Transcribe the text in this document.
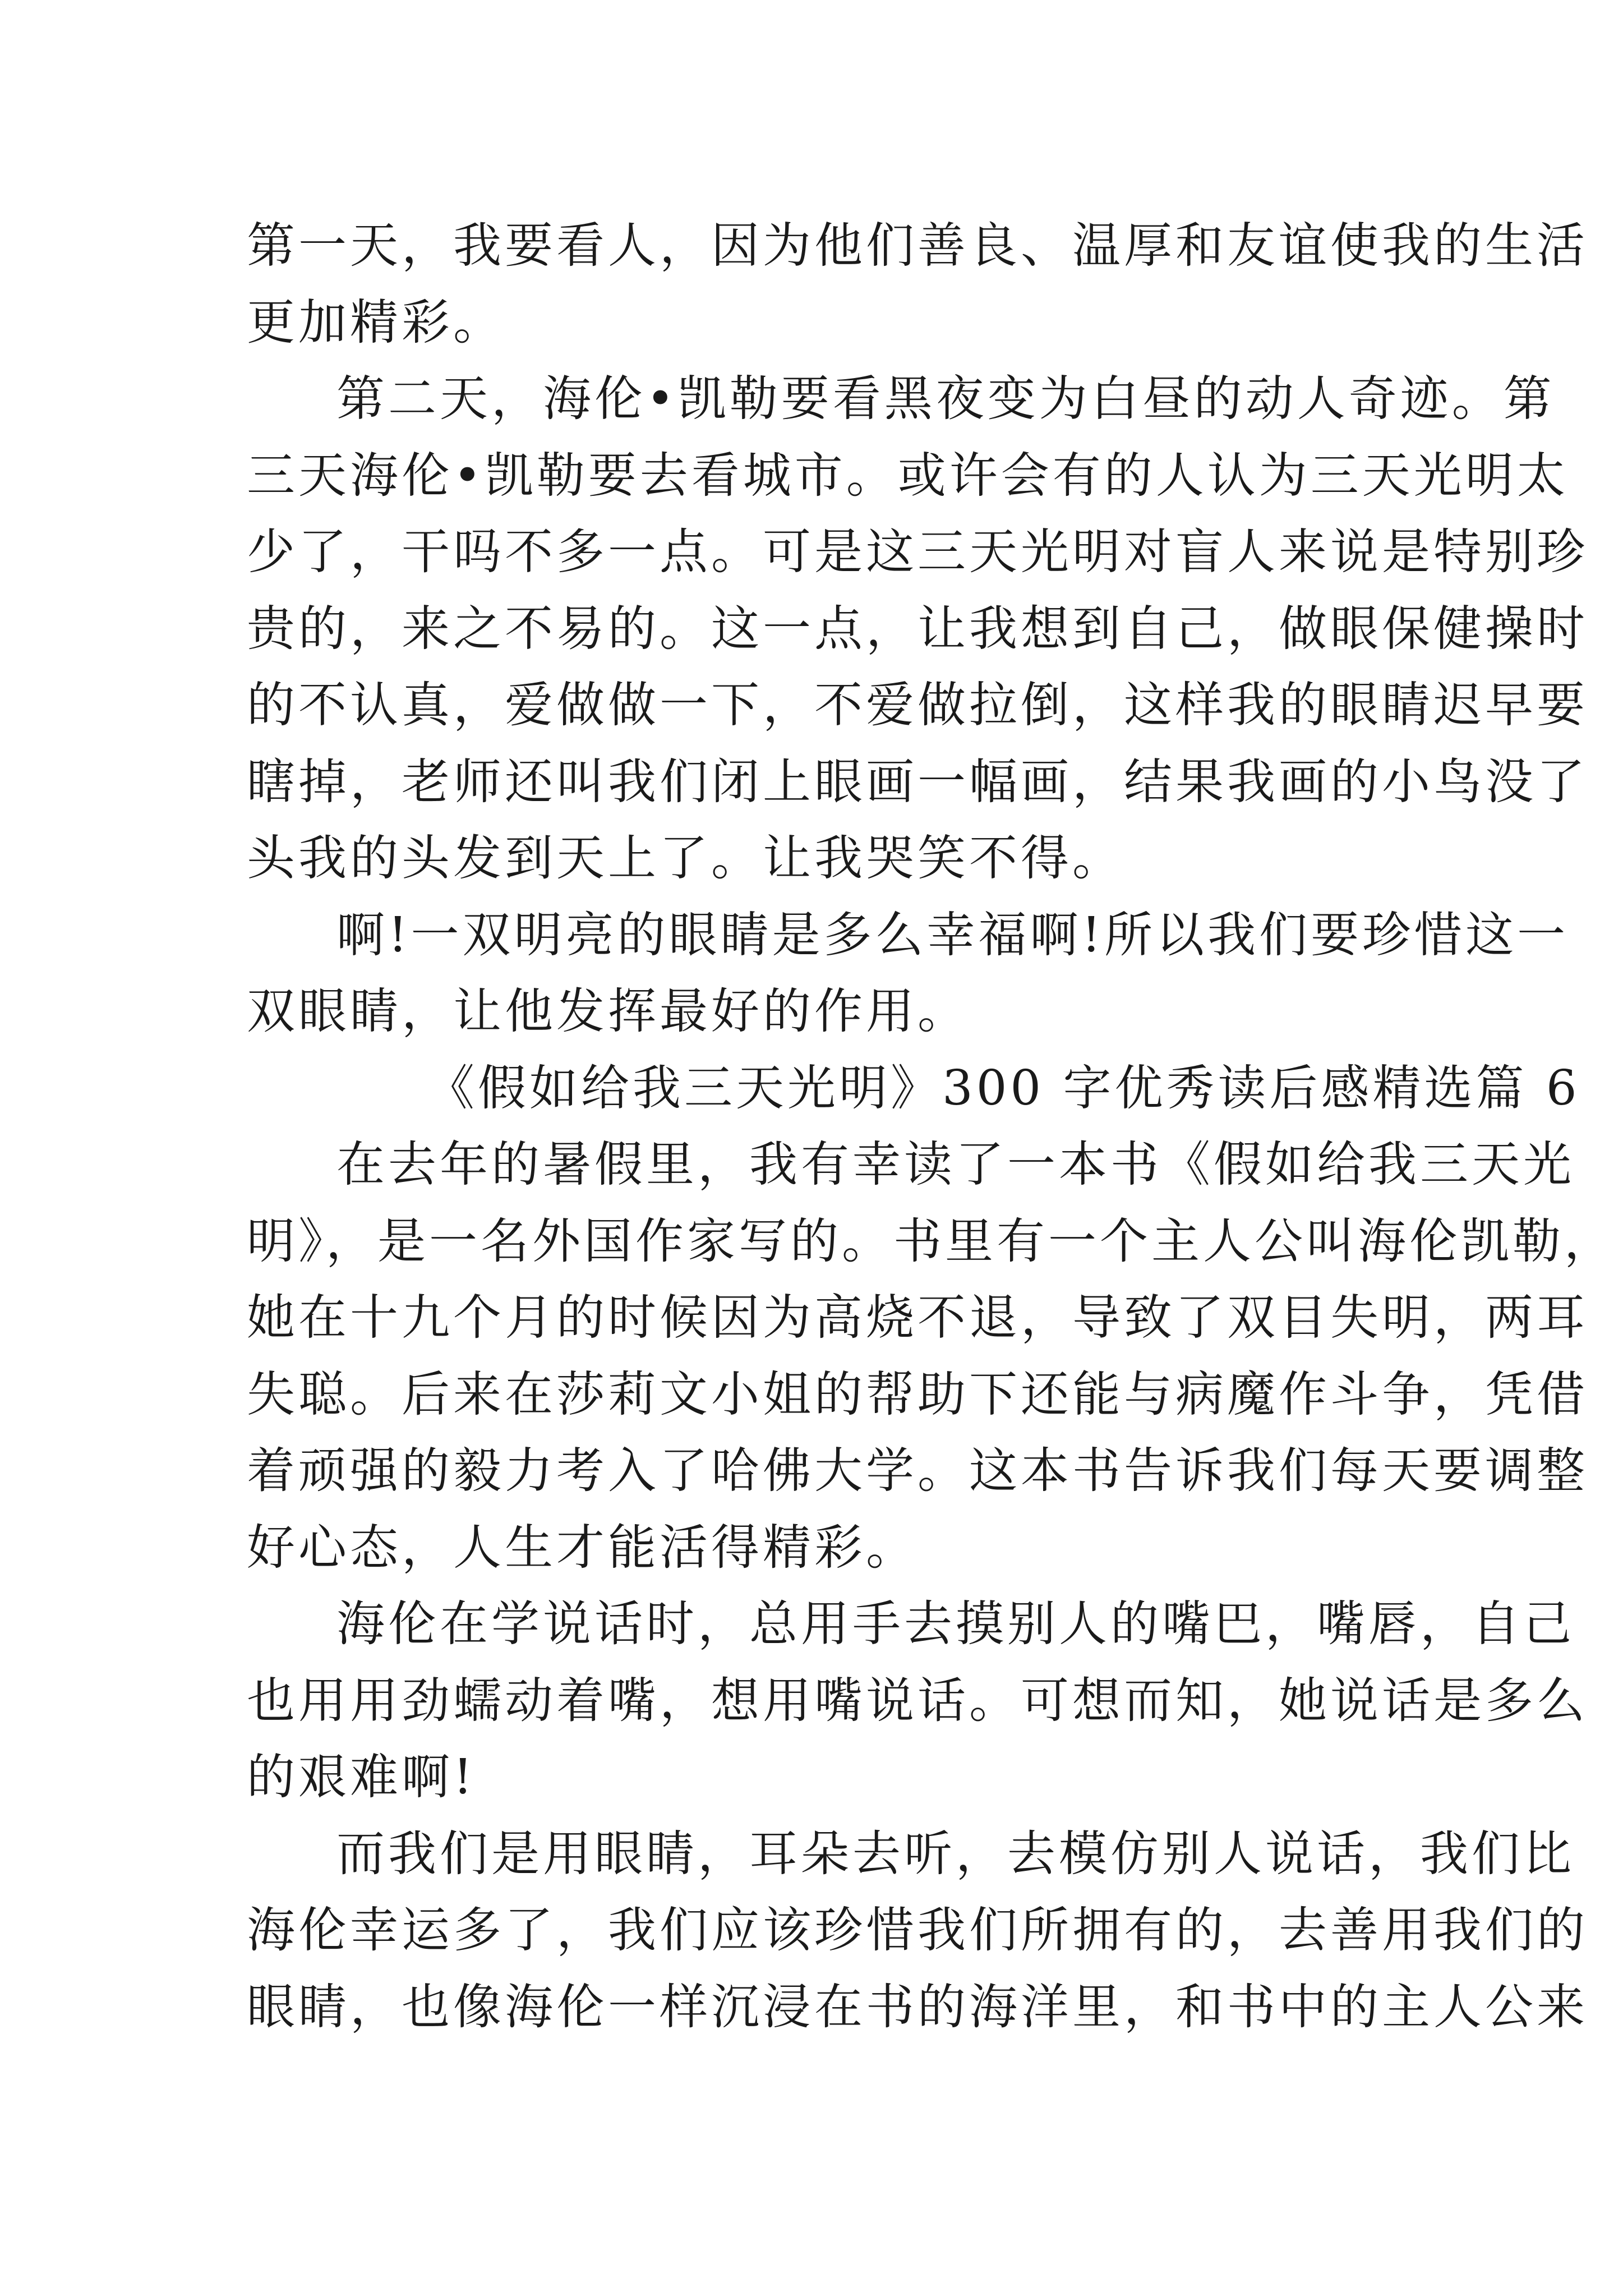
第一天，我要看人，因为他们善良、温厚和友谊使我的生活
更加精彩。
第二天，海伦•凯勒要看黑夜变为白昼的动人奇迹。第
三天海伦•凯勒要去看城市。或许会有的人认为三天光明太
少了，干吗不多一点。可是这三天光明对盲人来说是特别珍
贵的，来之不易的。这一点，让我想到自己，做眼保健操时
的不认真，爱做做一下，不爱做拉倒，这样我的眼睛迟早要
瞎掉，老师还叫我们闭上眼画一幅画，结果我画的小鸟没了
头我的头发到天上了。让我哭笑不得。
啊!一双明亮的眼睛是多么幸福啊!所以我们要珍惜这一
双眼睛，让他发挥最好的作用。
《假如给我三天光明》300 字优秀读后感精选篇 6
在去年的暑假里，我有幸读了一本书《假如给我三天光
明》，是一名外国作家写的。书里有一个主人公叫海伦凯勒，
她在十九个月的时候因为高烧不退，导致了双目失明，两耳
失聪。后来在莎莉文小姐的帮助下还能与病魔作斗争，凭借
着顽强的毅力考入了哈佛大学。这本书告诉我们每天要调整
好心态，人生才能活得精彩。
海伦在学说话时，总用手去摸别人的嘴巴，嘴唇，自己
也用用劲蠕动着嘴，想用嘴说话。可想而知，她说话是多么
的艰难啊!
而我们是用眼睛，耳朵去听，去模仿别人说话，我们比
海伦幸运多了，我们应该珍惜我们所拥有的，去善用我们的
眼睛，也像海伦一样沉浸在书的海洋里，和书中的主人公来
